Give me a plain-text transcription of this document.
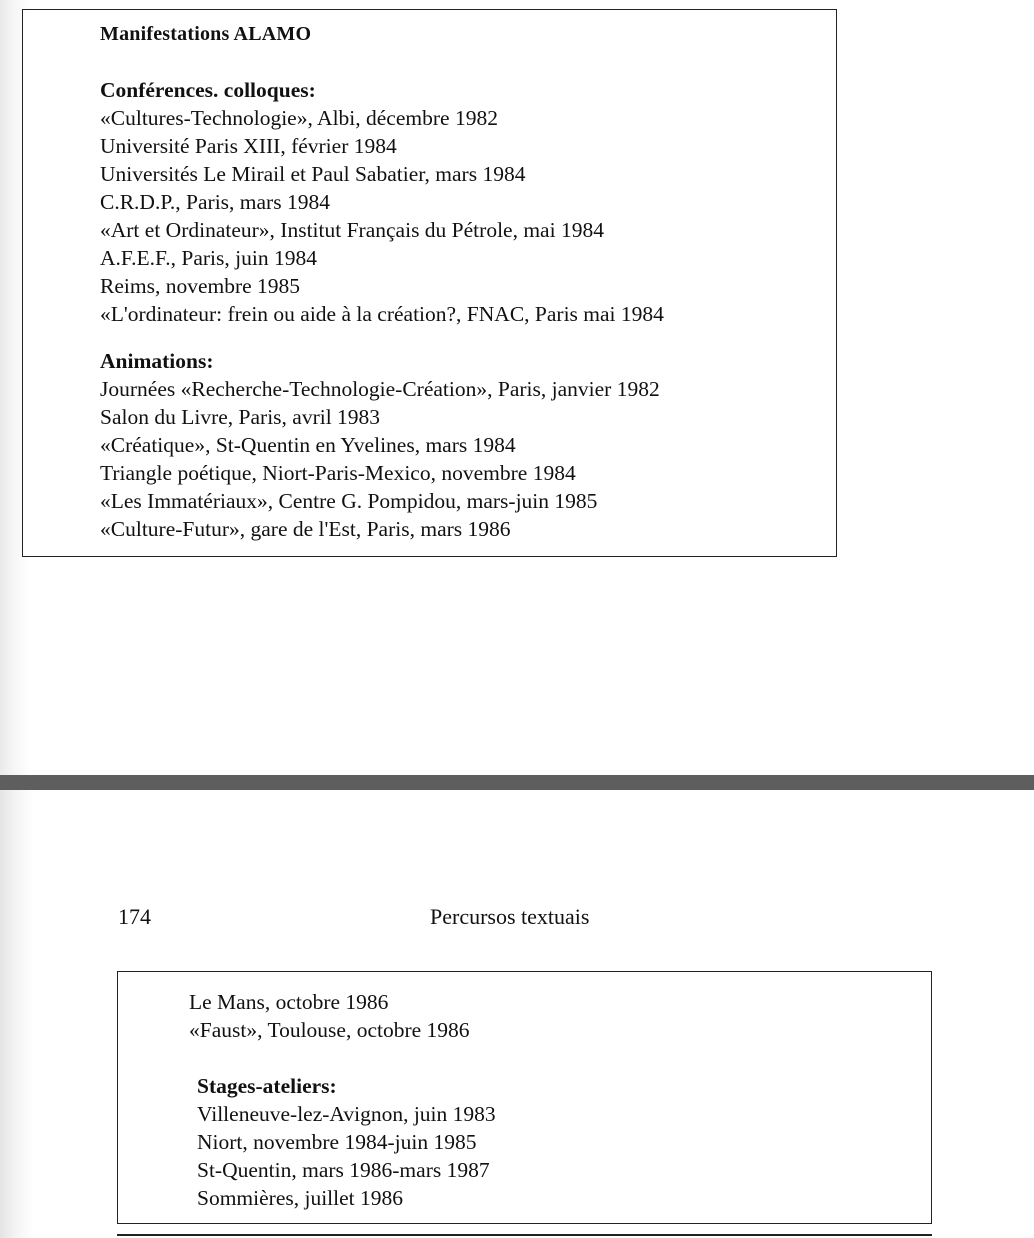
Manifestations ALAMO
Conférences. colloques:
«Cultures-Technologie», Albi, décembre 1982
Université Paris XIII, février 1984
Universités Le Mirail et Paul Sabatier, mars 1984
C.R.D.P., Paris, mars 1984
«Art et Ordinateur», Institut Français du Pétrole, mai 1984
A.F.E.F., Paris, juin 1984
Reims, novembre 1985
«L'ordinateur: frein ou aide à la création?, FNAC, Paris mai 1984
Animations:
Journées «Recherche-Technologie-Création», Paris, janvier 1982
Salon du Livre, Paris, avril 1983
«Créatique», St-Quentin en Yvelines, mars 1984
Triangle poétique, Niort-Paris-Mexico, novembre 1984
«Les Immatériaux», Centre G. Pompidou, mars-juin 1985
«Culture-Futur», gare de l'Est, Paris, mars 1986
174	Percursos textuais
Le Mans, octobre 1986
«Faust», Toulouse, octobre 1986
Stages-ateliers:
Villeneuve-lez-Avignon, juin 1983
Niort, novembre 1984-juin 1985
St-Quentin, mars 1986-mars 1987
Sommières, juillet 1986
